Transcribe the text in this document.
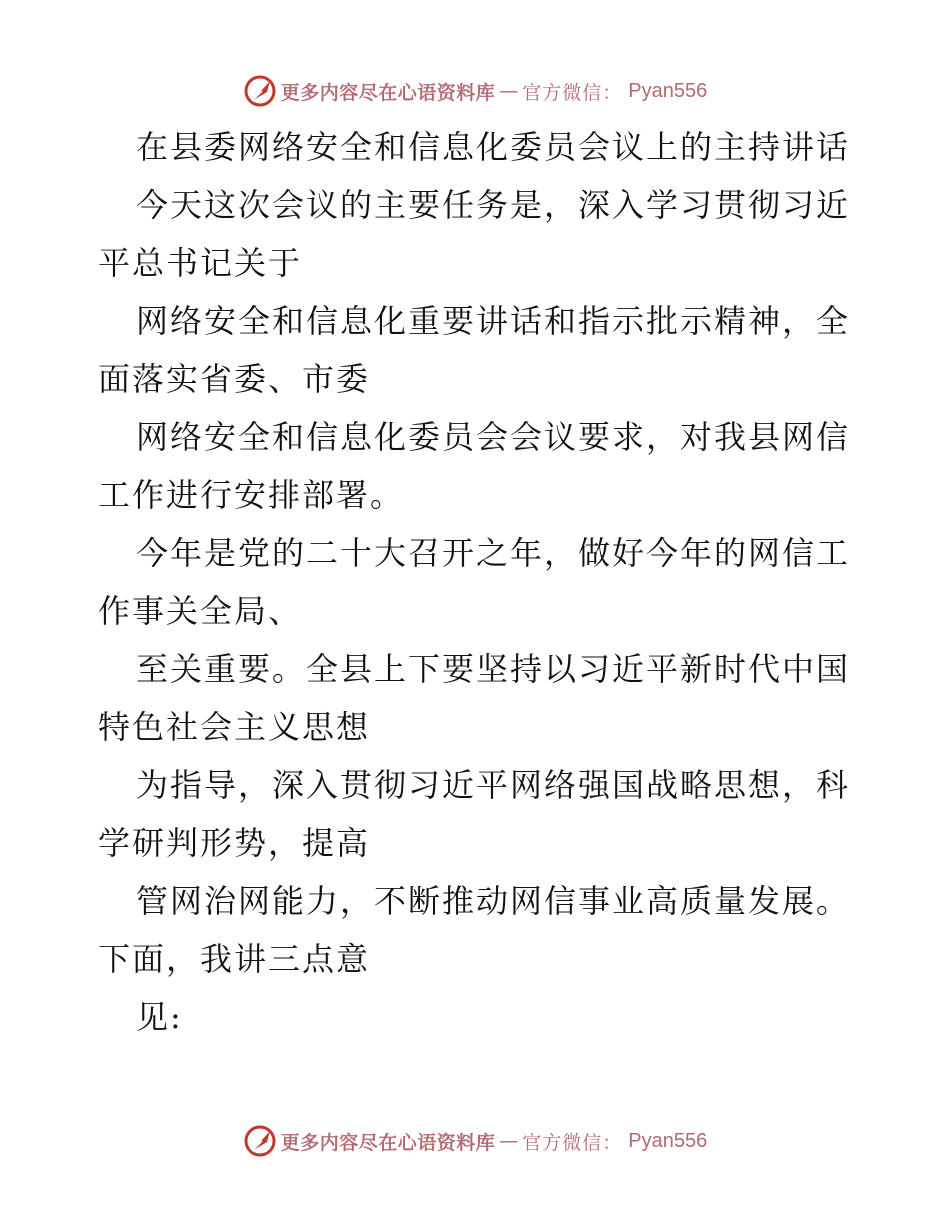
更多内容尽在心语资料库 — 官方微信： Pyan556
在县委网络安全和信息化委员会议上的主持讲话
今天这次会议的主要任务是，深入学习贯彻习近
平总书记关于
网络安全和信息化重要讲话和指示批示精神，全
面落实省委、市委
网络安全和信息化委员会会议要求，对我县网信
工作进行安排部署。
今年是党的二十大召开之年，做好今年的网信工
作事关全局、
至关重要。全县上下要坚持以习近平新时代中国
特色社会主义思想
为指导，深入贯彻习近平网络强国战略思想，科
学研判形势，提高
管网治网能力，不断推动网信事业高质量发展。
下面，我讲三点意
见:
更多内容尽在心语资料库 — 官方微信： Pyan556
